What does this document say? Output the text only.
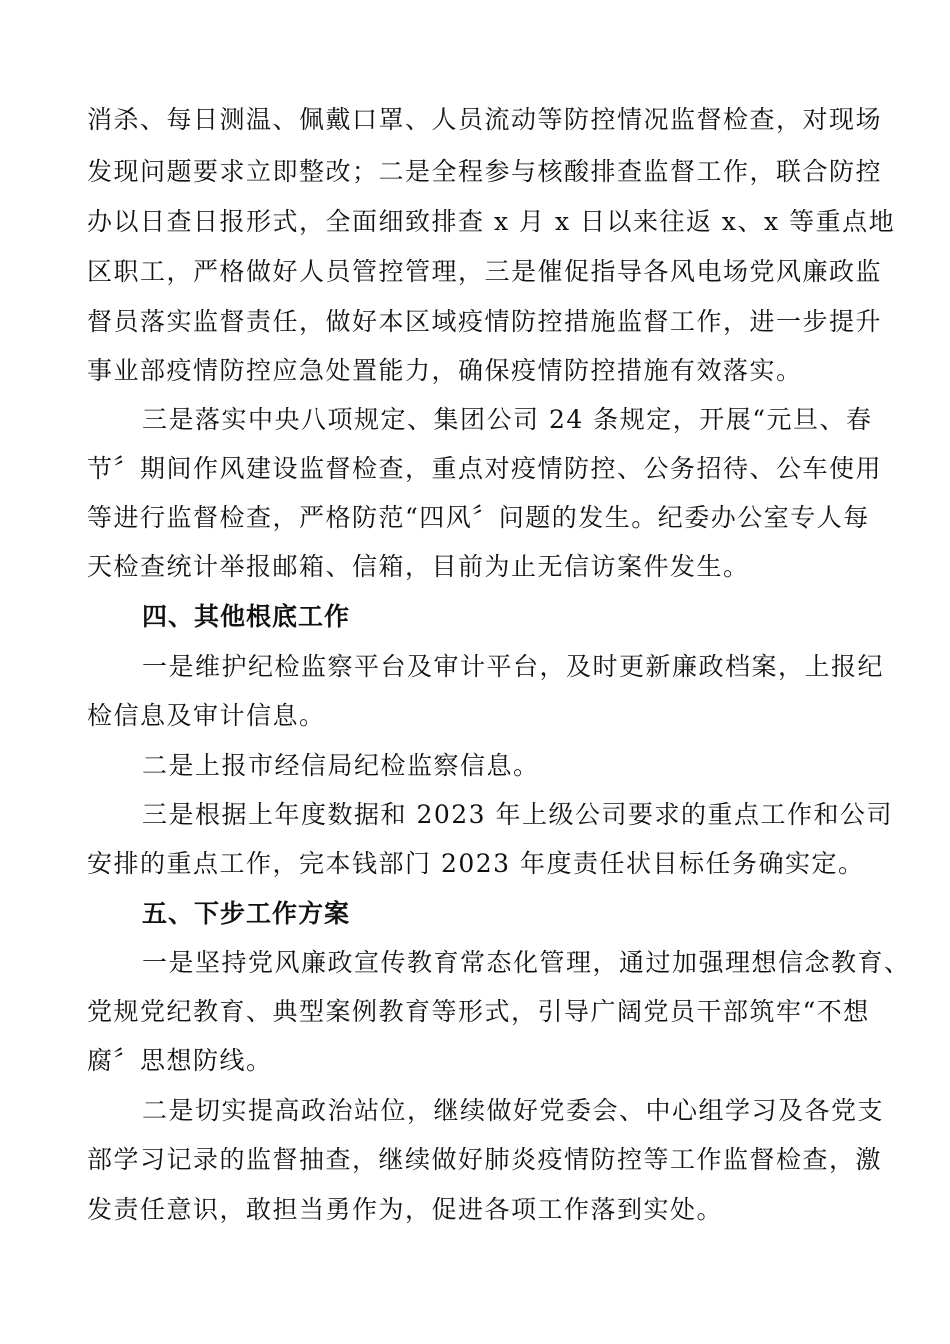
消杀、每日测温、佩戴口罩、人员流动等防控情况监督检查，对现场

发现问题要求立即整改；二是全程参与核酸排查监督工作，联合防控

办以日查日报形式，全面细致排查 x 月 x 日以来往返 x、x 等重点地

区职工，严格做好人员管控管理，三是催促指导各风电场党风廉政监

督员落实监督责任，做好本区域疫情防控措施监督工作，进一步提升

事业部疫情防控应急处置能力，确保疫情防控措施有效落实。

三是落实中央八项规定、集团公司 24 条规定，开展“元旦、春

节〞期间作风建设监督检查，重点对疫情防控、公务招待、公车使用

等进行监督检查，严格防范“四风〞问题的发生。纪委办公室专人每

天检查统计举报邮箱、信箱，目前为止无信访案件发生。

四、其他根底工作

一是维护纪检监察平台及审计平台，及时更新廉政档案，上报纪

检信息及审计信息。

二是上报市经信局纪检监察信息。

三是根据上年度数据和 2023 年上级公司要求的重点工作和公司

安排的重点工作，完本钱部门 2023 年度责任状目标任务确实定。

五、下步工作方案

一是坚持党风廉政宣传教育常态化管理，通过加强理想信念教育、

党规党纪教育、典型案例教育等形式，引导广阔党员干部筑牢“不想

腐〞思想防线。

二是切实提高政治站位，继续做好党委会、中心组学习及各党支

部学习记录的监督抽查，继续做好肺炎疫情防控等工作监督检查，激

发责任意识，敢担当勇作为，促进各项工作落到实处。
